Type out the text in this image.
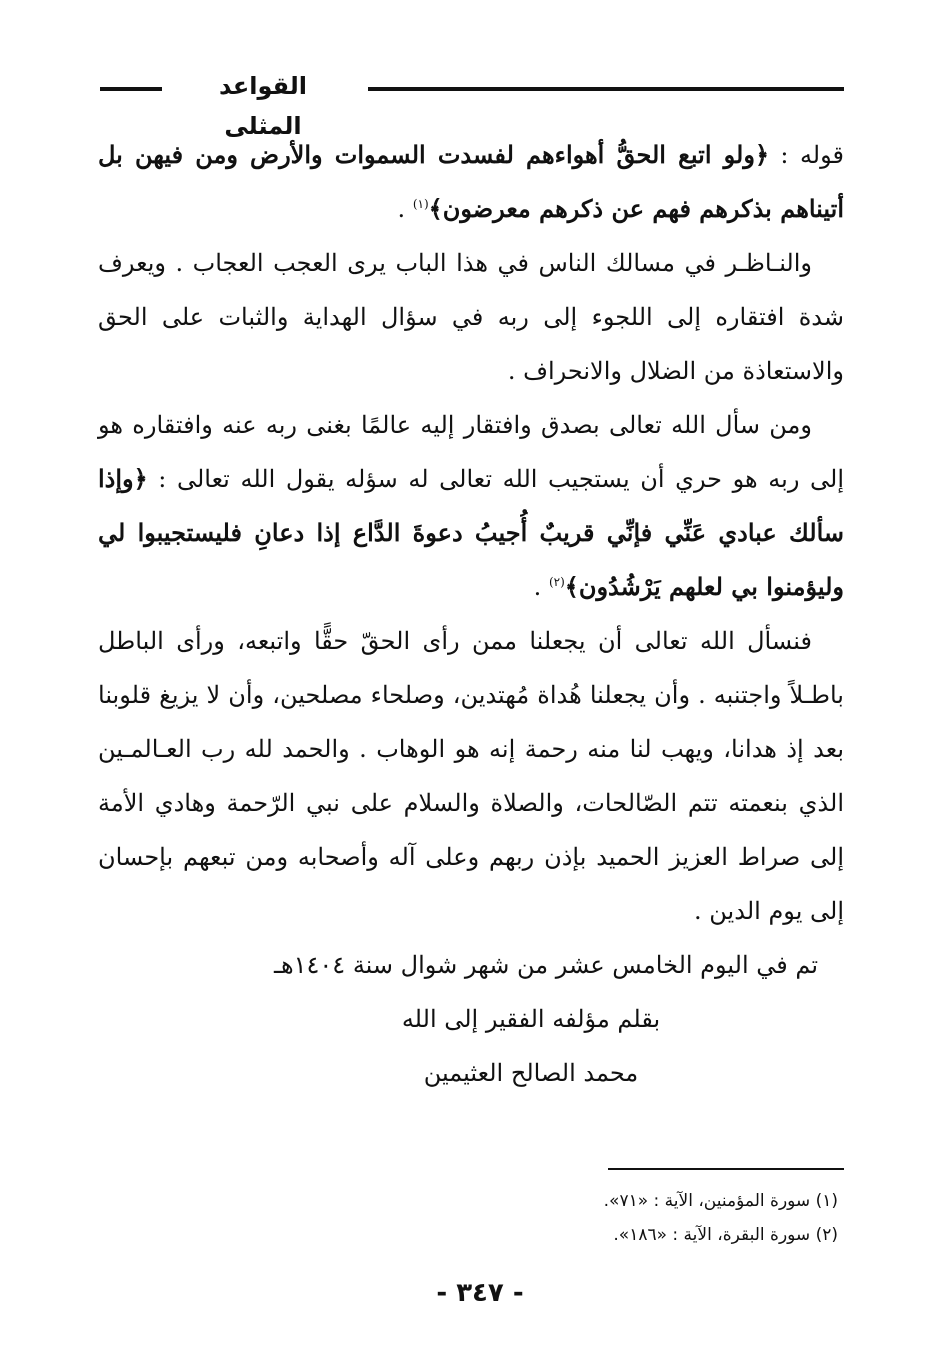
القواعد المثلى

قوله : ﴿ولو اتبع الحقُّ أهواءهم لفسدت السموات والأرض ومن فيهن بل أتيناهم بذكرهم فهم عن ذكرهم معرضون﴾$^{(١)}$ .

والنـاظـر في مسالك الناس في هذا الباب يرى العجب العجاب . ويعرف شدة افتقاره إلى اللجوء إلى ربه في سؤال الهداية والثبات على الحق والاستعاذة من الضلال والانحراف .

ومن سأل الله تعالى بصدق وافتقار إليه عالمًا بغنى ربه عنه وافتقاره هو إلى ربه هو حري أن يستجيب الله تعالى له سؤله يقول الله تعالى : ﴿وإذا سألك عبادي عَنِّي فإنِّي قريبٌ أُجيبُ دعوةَ الدَّاع إذا دعانِ فليستجيبوا لي وليؤمنوا بي لعلهم يَرْشُدُون﴾$^{(٢)}$ .

فنسأل الله تعالى أن يجعلنا ممن رأى الحقّ حقًّا واتبعه، ورأى الباطل باطـلاً واجتنبه . وأن يجعلنا هُداة مُهتدين، وصلحاء مصلحين، وأن لا يزيغ قلوبنا بعد إذ هدانا، ويهب لنا منه رحمة إنه هو الوهاب . والحمد لله رب العـالمـين الذي بنعمته تتم الصّالحات، والصلاة والسلام على نبي الرّحمة وهادي الأمة إلى صراط العزيز الحميد بإذن ربهم وعلى آله وأصحابه ومن تبعهم بإحسان إلى يوم الدين .

تم في اليوم الخامس عشر من شهر شوال سنة ١٤٠٤هـ

بقلم مؤلفه الفقير إلى الله

محمد الصالح العثيمين

(١) سورة المؤمنين، الآية : «٧١».
(٢) سورة البقرة، الآية : «١٨٦».
- ٣٤٧ -
